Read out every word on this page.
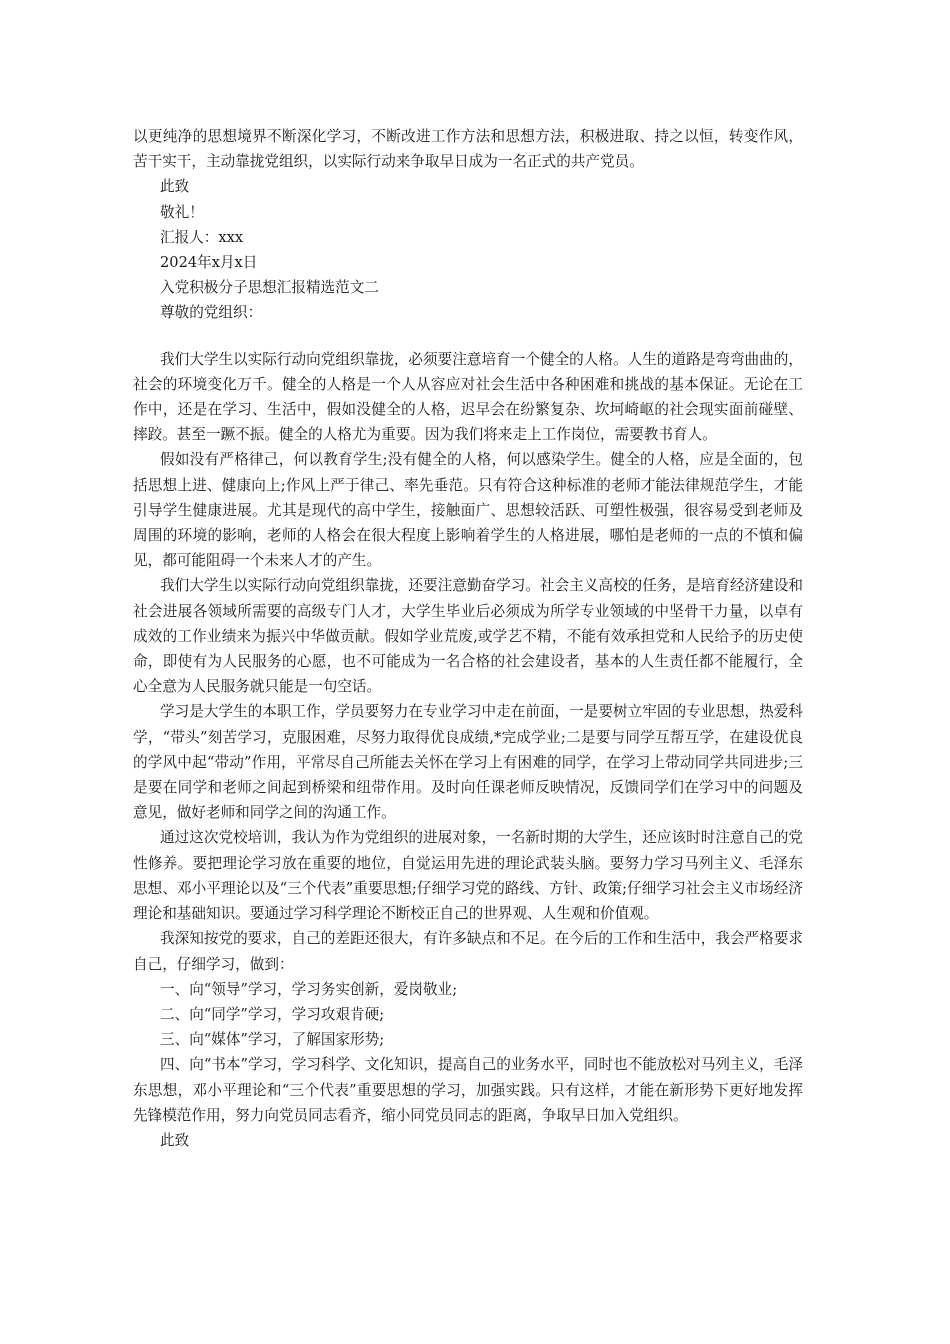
以更纯净的思想境界不断深化学习，不断改进工作方法和思想方法，积极进取、持之以恒，转变作风，苦干实干，主动靠拢党组织，以实际行动来争取早日成为一名正式的共产党员。

此致

敬礼！

汇报人：xxx

2024年x月x日

入党积极分子思想汇报精选范文二

尊敬的党组织：

我们大学生以实际行动向党组织靠拢，必须要注意培育一个健全的人格。人生的道路是弯弯曲曲的，社会的环境变化万千。健全的人格是一个人从容应对社会生活中各种困难和挑战的基本保证。无论在工作中，还是在学习、生活中，假如没健全的人格，迟早会在纷繁复杂、坎坷崎岖的社会现实面前碰壁、摔跤。甚至一蹶不振。健全的人格尤为重要。因为我们将来走上工作岗位，需要教书育人。

假如没有严格律己，何以教育学生;没有健全的人格，何以感染学生。健全的人格，应是全面的，包括思想上进、健康向上;作风上严于律己、率先垂范。只有符合这种标准的老师才能法律规范学生，才能引导学生健康进展。尤其是现代的高中学生，接触面广、思想较活跃、可塑性极强，很容易受到老师及周围的环境的影响，老师的人格会在很大程度上影响着学生的人格进展，哪怕是老师的一点的不慎和偏见，都可能阻碍一个未来人才的产生。

我们大学生以实际行动向党组织靠拢，还要注意勤奋学习。社会主义高校的任务，是培育经济建设和社会进展各领域所需要的高级专门人才，大学生毕业后必须成为所学专业领域的中坚骨干力量，以卓有成效的工作业绩来为振兴中华做贡献。假如学业荒废,或学艺不精，不能有效承担党和人民给予的历史使命，即使有为人民服务的心愿，也不可能成为一名合格的社会建设者，基本的人生责任都不能履行，全心全意为人民服务就只能是一句空话。

学习是大学生的本职工作，学员要努力在专业学习中走在前面，一是要树立牢固的专业思想，热爱科学，“带头”刻苦学习，克服困难，尽努力取得优良成绩,*完成学业;二是要与同学互帮互学，在建设优良的学风中起“带动”作用，平常尽自己所能去关怀在学习上有困难的同学，在学习上带动同学共同进步;三是要在同学和老师之间起到桥梁和纽带作用。及时向任课老师反映情况，反馈同学们在学习中的问题及意见，做好老师和同学之间的沟通工作。

通过这次党校培训，我认为作为党组织的进展对象，一名新时期的大学生，还应该时时注意自己的党性修养。要把理论学习放在重要的地位，自觉运用先进的理论武装头脑。要努力学习马列主义、毛泽东思想、邓小平理论以及“三个代表”重要思想;仔细学习党的路线、方针、政策;仔细学习社会主义市场经济理论和基础知识。要通过学习科学理论不断校正自己的世界观、人生观和价值观。

我深知按党的要求，自己的差距还很大，有许多缺点和不足。在今后的工作和生活中，我会严格要求自己，仔细学习，做到：

一、向“领导”学习，学习务实创新，爱岗敬业;

二、向“同学”学习，学习攻艰肯硬;

三、向“媒体”学习，了解国家形势;

四、向“书本”学习，学习科学、文化知识，提高自己的业务水平，同时也不能放松对马列主义，毛泽东思想，邓小平理论和“三个代表”重要思想的学习，加强实践。只有这样，才能在新形势下更好地发挥先锋模范作用，努力向党员同志看齐，缩小同党员同志的距离，争取早日加入党组织。

此致
